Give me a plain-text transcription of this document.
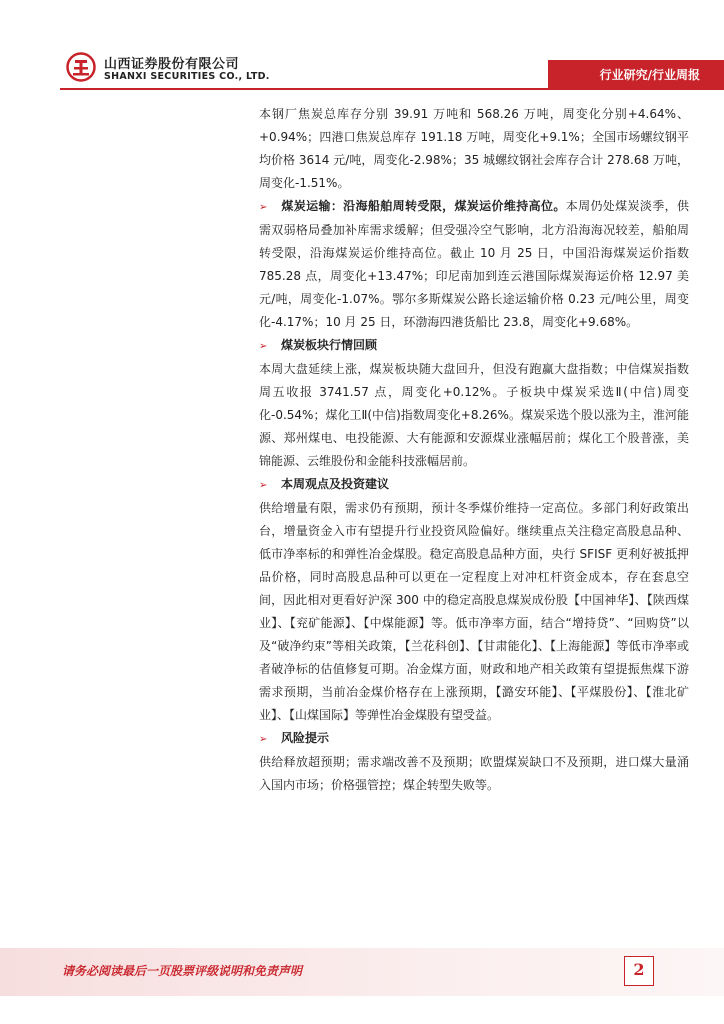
山西证券股份有限公司
SHANXI SECURITIES CO., LTD.	行业研究/行业周报

本钢厂焦炭总库存分别 39.91 万吨和 568.26 万吨，周变化分别+4.64%、+0.94%；四港口焦炭总库存 191.18 万吨，周变化+9.1%；全国市场螺纹钢平均价格 3614 元/吨，周变化-2.98%；35 城螺纹钢社会库存合计 278.68 万吨，周变化-1.51%。

➢ 煤炭运输：沿海船舶周转受限，煤炭运价维持高位。本周仍处煤炭淡季，供需双弱格局叠加补库需求缓解；但受强冷空气影响，北方沿海海况较差，船舶周转受限，沿海煤炭运价维持高位。截止 10 月 25 日，中国沿海煤炭运价指数 785.28 点，周变化+13.47%；印尼南加到连云港国际煤炭海运价格 12.97 美元/吨，周变化-1.07%。鄂尔多斯煤炭公路长途运输价格 0.23 元/吨公里，周变化-4.17%；10 月 25 日，环渤海四港货船比 23.8，周变化+9.68%。

➢ 煤炭板块行情回顾

本周大盘延续上涨，煤炭板块随大盘回升，但没有跑赢大盘指数；中信煤炭指数周五收报 3741.57 点，周变化+0.12%。子板块中煤炭采选Ⅱ(中信)周变化-0.54%；煤化工Ⅱ(中信)指数周变化+8.26%。煤炭采选个股以涨为主，淮河能源、郑州煤电、电投能源、大有能源和安源煤业涨幅居前；煤化工个股普涨，美锦能源、云维股份和金能科技涨幅居前。

➢ 本周观点及投资建议

供给增量有限，需求仍有预期，预计冬季煤价维持一定高位。多部门利好政策出台，增量资金入市有望提升行业投资风险偏好。继续重点关注稳定高股息品种、低市净率标的和弹性冶金煤股。稳定高股息品种方面，央行 SFISF 更利好被抵押品价格，同时高股息品种可以更在一定程度上对冲杠杆资金成本，存在套息空间，因此相对更看好沪深 300 中的稳定高股息煤炭成份股【中国神华】、【陕西煤业】、【兖矿能源】、【中煤能源】等。低市净率方面，结合“增持贷”、“回购贷”以及“破净约束”等相关政策，【兰花科创】、【甘肃能化】、【上海能源】等低市净率或者破净标的估值修复可期。冶金煤方面，财政和地产相关政策有望提振焦煤下游需求预期，当前冶金煤价格存在上涨预期，【潞安环能】、【平煤股份】、【淮北矿业】、【山煤国际】等弹性冶金煤股有望受益。

➢ 风险提示

供给释放超预期；需求端改善不及预期；欧盟煤炭缺口不及预期，进口煤大量涌入国内市场；价格强管控；煤企转型失败等。

请务必阅读最后一页股票评级说明和免责声明	2
